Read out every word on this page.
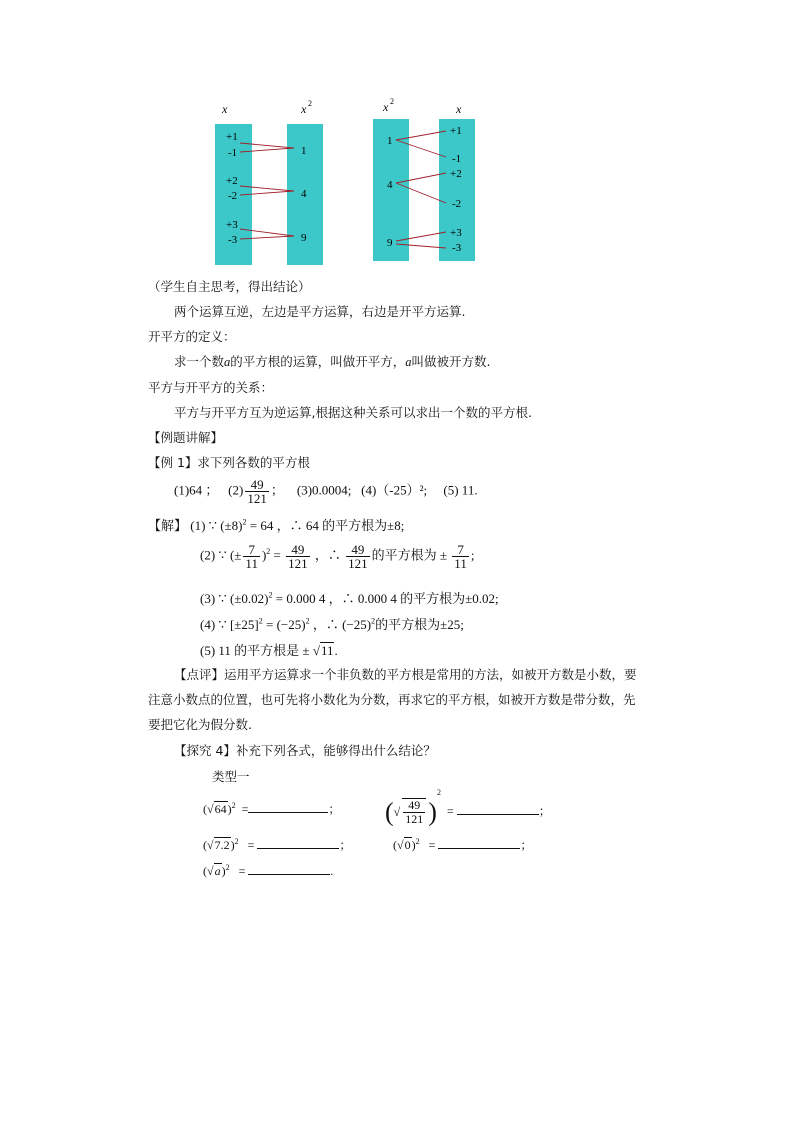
x	x 2	x 2
x
+1
-1
+2
-2
+3
-3
1
4
9
1
4
9
+1
-1
+2
-2
+3
-3
（学生自主思考，得出结论）
两个运算互逆，左边是平方运算，右边是开平方运算.
开平方的定义：
求一个数a的平方根的运算，叫做开平方，a叫做被开方数.
平方与开平方的关系：
平方与开平方互为逆运算,根据这种关系可以求出一个数的平方根.
【例题讲解】
【例 1】求下列各数的平方根
(1)64 ； $(2) \frac{49}{121}$ ； (3)0.0004; (4)（-25）²; (5) 11.
【解】 (1) ∵ $(\pm 8)^2 = 64$ ，∴ 64 的平方根为±8;
(2) ∵ (± $\frac{7}{11} )^2 = \frac{49}{121}$ ，∴ $\frac{49}{121}$ 的平方根为 ± $\frac{7}{11}$ ;
(3) ∵ $(\pm 0.02)^2 = 0.000$ 4 ，∴ 0.000 4 的平方根为±0.02;
(4) ∵ $[\pm 25]^2 = (-25)^2$ ，∴ $(-25)^2$的平方根为±25;
(5) 11 的平方根是 ± √11.
【点评】运用平方运算求一个非负数的平方根是常用的方法，如被开方数是小数，要
注意小数点的位置，也可先将小数化为分数，再求它的平方根，如被开方数是带分数，先
要把它化为假分数.
【探究 4】补充下列各式，能够得出什么结论？
类型一
$(√64)^2$ =	； (√ $\frac{49}{121} )^2$  =	；
$(√7.2)^2$ =	；	$(√0)^2$ =	；
$(√a)^2$ =	.
